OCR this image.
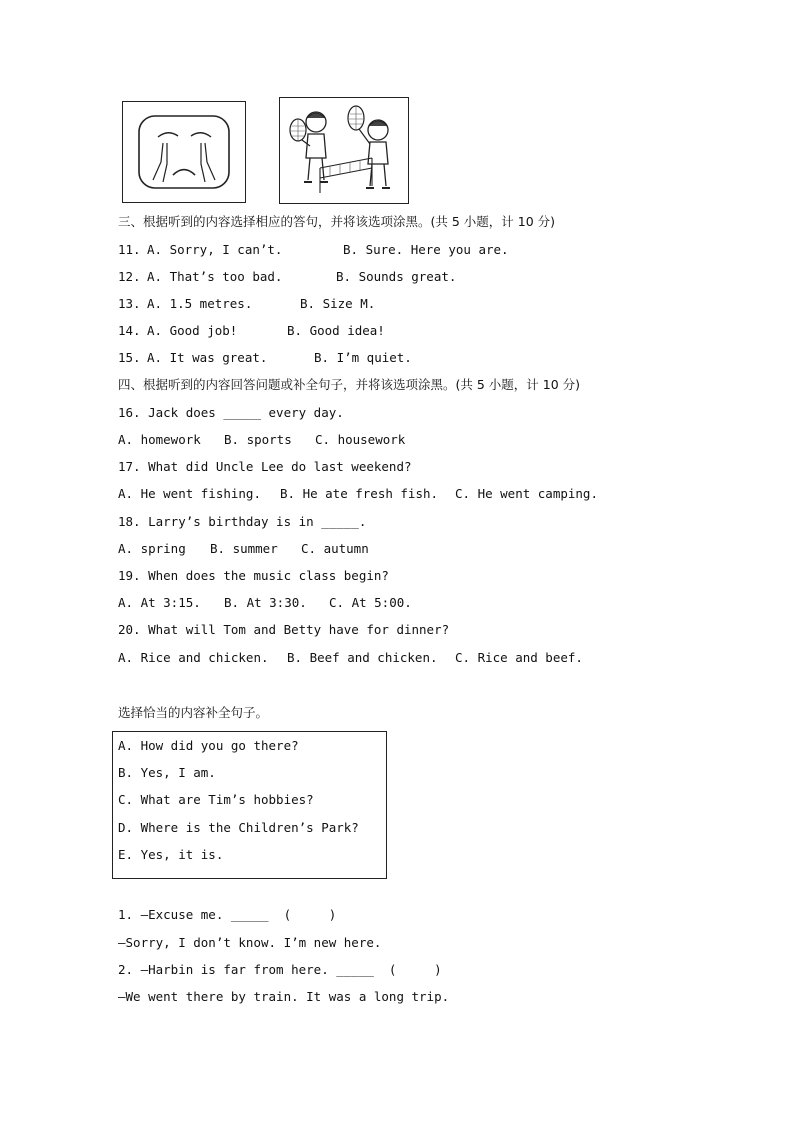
三、根据听到的内容选择相应的答句，并将该选项涂黑。(共 5 小题，计 10 分)
11. A. Sorry, I can’t.	B. Sure. Here you are.
12. A. That’s too bad.	B. Sounds great.
13. A. 1.5 metres.	B. Size M.
14. A. Good job!	B. Good idea!
15. A. It was great.	B. I’m quiet.
四、根据听到的内容回答问题或补全句子，并将该选项涂黑。(共 5 小题，计 10 分)
16. Jack does _____ every day.
A. homework B. sports C. housework
17. What did Uncle Lee do last weekend?
A. He went fishing. B. He ate fresh fish. C. He went camping.
18. Larry’s birthday is in _____.
A. spring B. summer C. autumn
19. When does the music class begin?
A. At 3:15. B. At 3:30. C. At 5:00.
20. What will Tom and Betty have for dinner?
A. Rice and chicken. B. Beef and chicken. C. Rice and beef.
选择恰当的内容补全句子。
A. How did you go there?
B. Yes, I am.
C. What are Tim’s hobbies?
D. Where is the Children’s Park?
E. Yes, it is.
1. —Excuse me. _____  (     )
—Sorry, I don’t know. I’m new here.
2. —Harbin is far from here. _____  (     )
—We went there by train. It was a long trip.
